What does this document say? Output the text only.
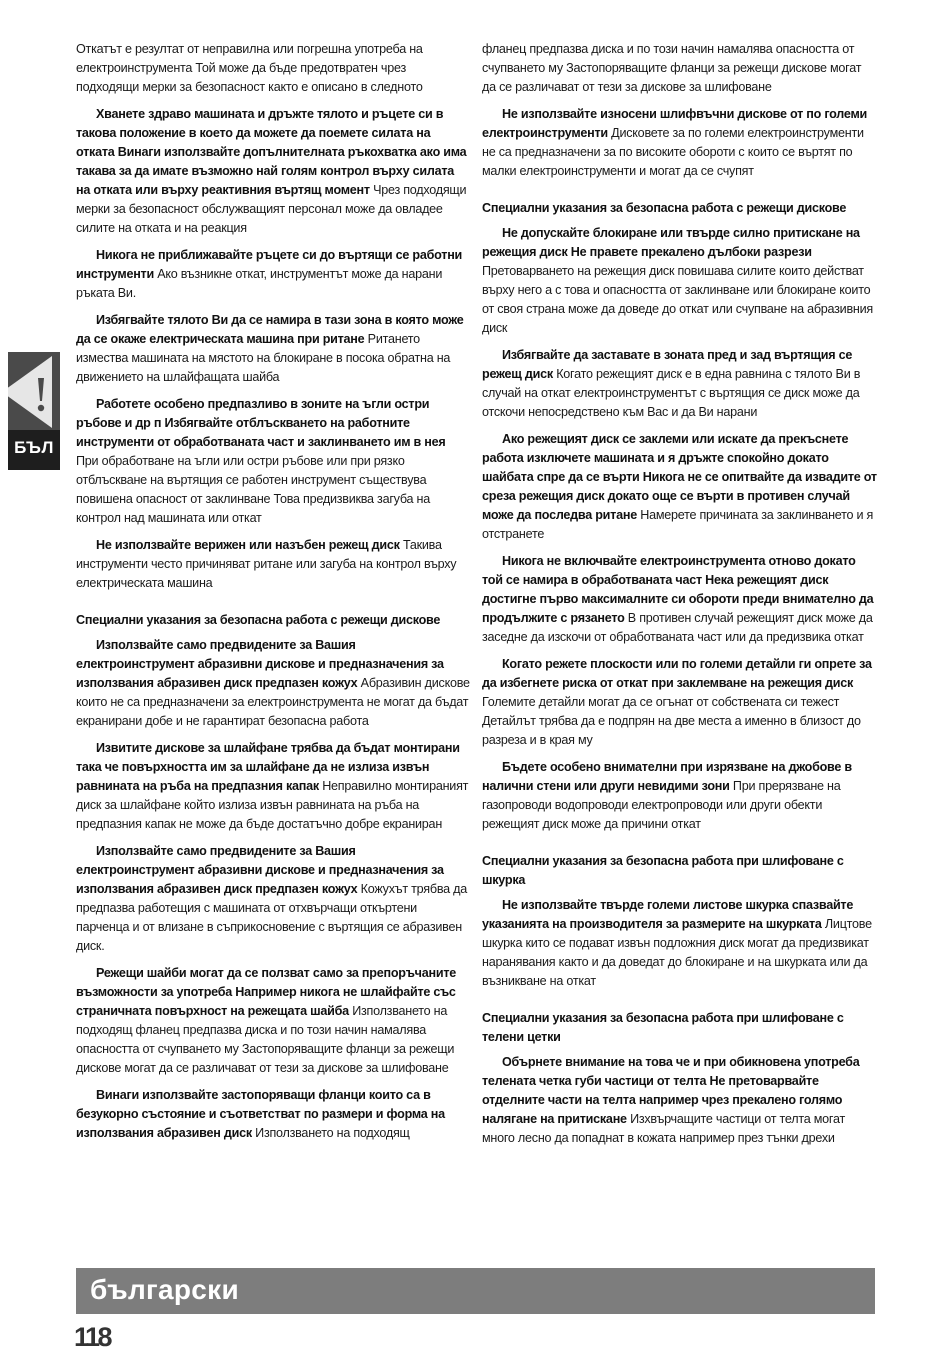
Откатът е резултат от неправилна или погрешна употреба на електроинструмента Той може да бъде предотвратен чрез подходящи мерки за безопасност както е описано в следното
Хванете здраво машината и дръжте тялото и ръцете си в такова положение в което да можете да поемете силата на отката Винаги използвайте допълнителната ръкохватка ако има такава за да имате възможно най голям контрол върху силата на отката или върху реактивния въртящ момент Чрез подходящи мерки за безопасност обслужващият персонал може да овладее силите на отката и на реакция
Никога не приближавайте ръцете си до въртящи се работни инструменти Ако възникне откат, инструментът може да нарани ръката Ви.
Избягвайте тялото Ви да се намира в тази зона в която може да се окаже електрическата машина при ритане Ритането измества машината на мястото на блокиране в посока обратна на движението на шлайфащата шайба
Работете особено предпазливо в зоните на ъгли остри ръбове и др п Избягвайте отблъскването на работните инструменти от обработваната част и заклинването им в нея При обработване на ъгли или остри ръбове или при рязко отблъскване на въртящия се работен инструмент съществува повишена опасност от заклинване Това предизвиква загуба на контрол над машината или откат
Не използвайте верижен или назъбен режещ диск Такива инструменти често причиняват ритане или загуба на контрол върху електрическата машина
Специални указания за безопасна работа с режещи дискове
Използвайте само предвидените за Вашия електроинструмент абразивни дискове и предназначения за използвания абразивен диск предпазен кожух Абразивин дискове които не са предназначени за електроинструмента не могат да бъдат екранирани добе и не гарантират безопасна работа
Извитите дискове за шлайфане трябва да бъдат монтирани така че повърхността им за шлайфане да не излиза извън равнината на ръба на предпазния капак Неправилно монтираният диск за шлайфане който излиза извън равнината на ръба на предпазния капак не може да бъде достатъчно добре екраниран
Използвайте само предвидените за Вашия електроинструмент абразивни дискове и предназначения за използвания абразивен диск предпазен кожух Кожухът трябва да предпазва работещия с машината от отхвърчащи откъртени парченца и от влизане в съприкосновение с въртящия се абразивен диск.
Режещи шайби могат да се ползват само за препоръчаните възможности за употреба Например никога не шлайфайте със страничната повърхност на режещата шайба Използването на подходящ фланец предпазва диска и по този начин намалява опасността от счупването му Застопоряващите фланци за режещи дискове могат да се различават от тези за дискове за шлифоване
Винаги използвайте застопоряващи фланци които са в безукорно състояние и съответстват по размери и форма на използвания абразивен диск Използването на подходящ
фланец предпазва диска и по този начин намалява опасността от счупването му Застопоряващите фланци за режещи дискове могат да се различават от тези за дискове за шлифоване
Не използвайте износени шлифвъчни дискове от по големи електроинструменти Дисковете за по големи електроинструменти не са предназначени за по високите обороти с които се въртят по малки електроинструменти и могат да се счупят
Специални указания за безопасна работа с режещи дискове
Не допускайте блокиране или твърде силно притискане на режещия диск Не правете прекалено дълбоки разрези Претоварването на режещия диск повишава силите които действат върху него а с това и опасността от заклинване или блокиране които от своя страна може да доведе до откат или счупване на абразивния диск
Избягвайте да заставате в зоната пред и зад въртящия се режещ диск Когато режещият диск е в една равнина с тялото Ви в случай на откат електроинструментът с въртящия се диск може да отскочи непосредствено към Вас и да Ви нарани
Ако режещият диск се заклеми или искате да прекъснете работа изключете машината и я дръжте спокойно докато шайбата спре да се върти Никога не се опитвайте да извадите от среза режещия диск докато още се върти в противен случай може да последва ритане Намерете причината за заклинването и я отстранете
Никога не включвайте електроинструмента отново докато той се намира в обработваната част Нека режещият диск достигне първо максималните си обороти преди внимателно да продължите с рязането В противен случай режещият диск може да заседне да изскочи от обработваната част или да предизвика откат
Когато режете плоскости или по големи детайли ги опрете за да избегнете риска от откат при заклемване на режещия диск Големите детайли могат да се огънат от собствената си тежест Детайлът трябва да е подпрян на две места а именно в близост до разреза и в края му
Бъдете особено внимателни при изрязване на джобове в налични стени или други невидими зони При прерязване на газопроводи водопроводи електропроводи или други обекти режещият диск може да причини откат
Специални указания за безопасна работа при шлифоване с шкурка
Не използвайте твърде големи листове шкурка спазвайте указанията на производителя за размерите на шкурката Лицтове шкурка кито се подават извън подложния диск могат да предизвикат наранявания както и да доведат до блокиране и на шкурката или да възникване на откат
Специални указания за безопасна работа при шлифоване с телени цетки
Обърнете внимание на това че и при обикновена употреба телената четка губи частици от телта Не претоварвайте отделните части на телта например чрез прекалено голямо налягане на притискане Изхвърчащите частици от телта могат много лесно да попаднат в кожата например през тънки дрехи
БЪЛ
български
118
